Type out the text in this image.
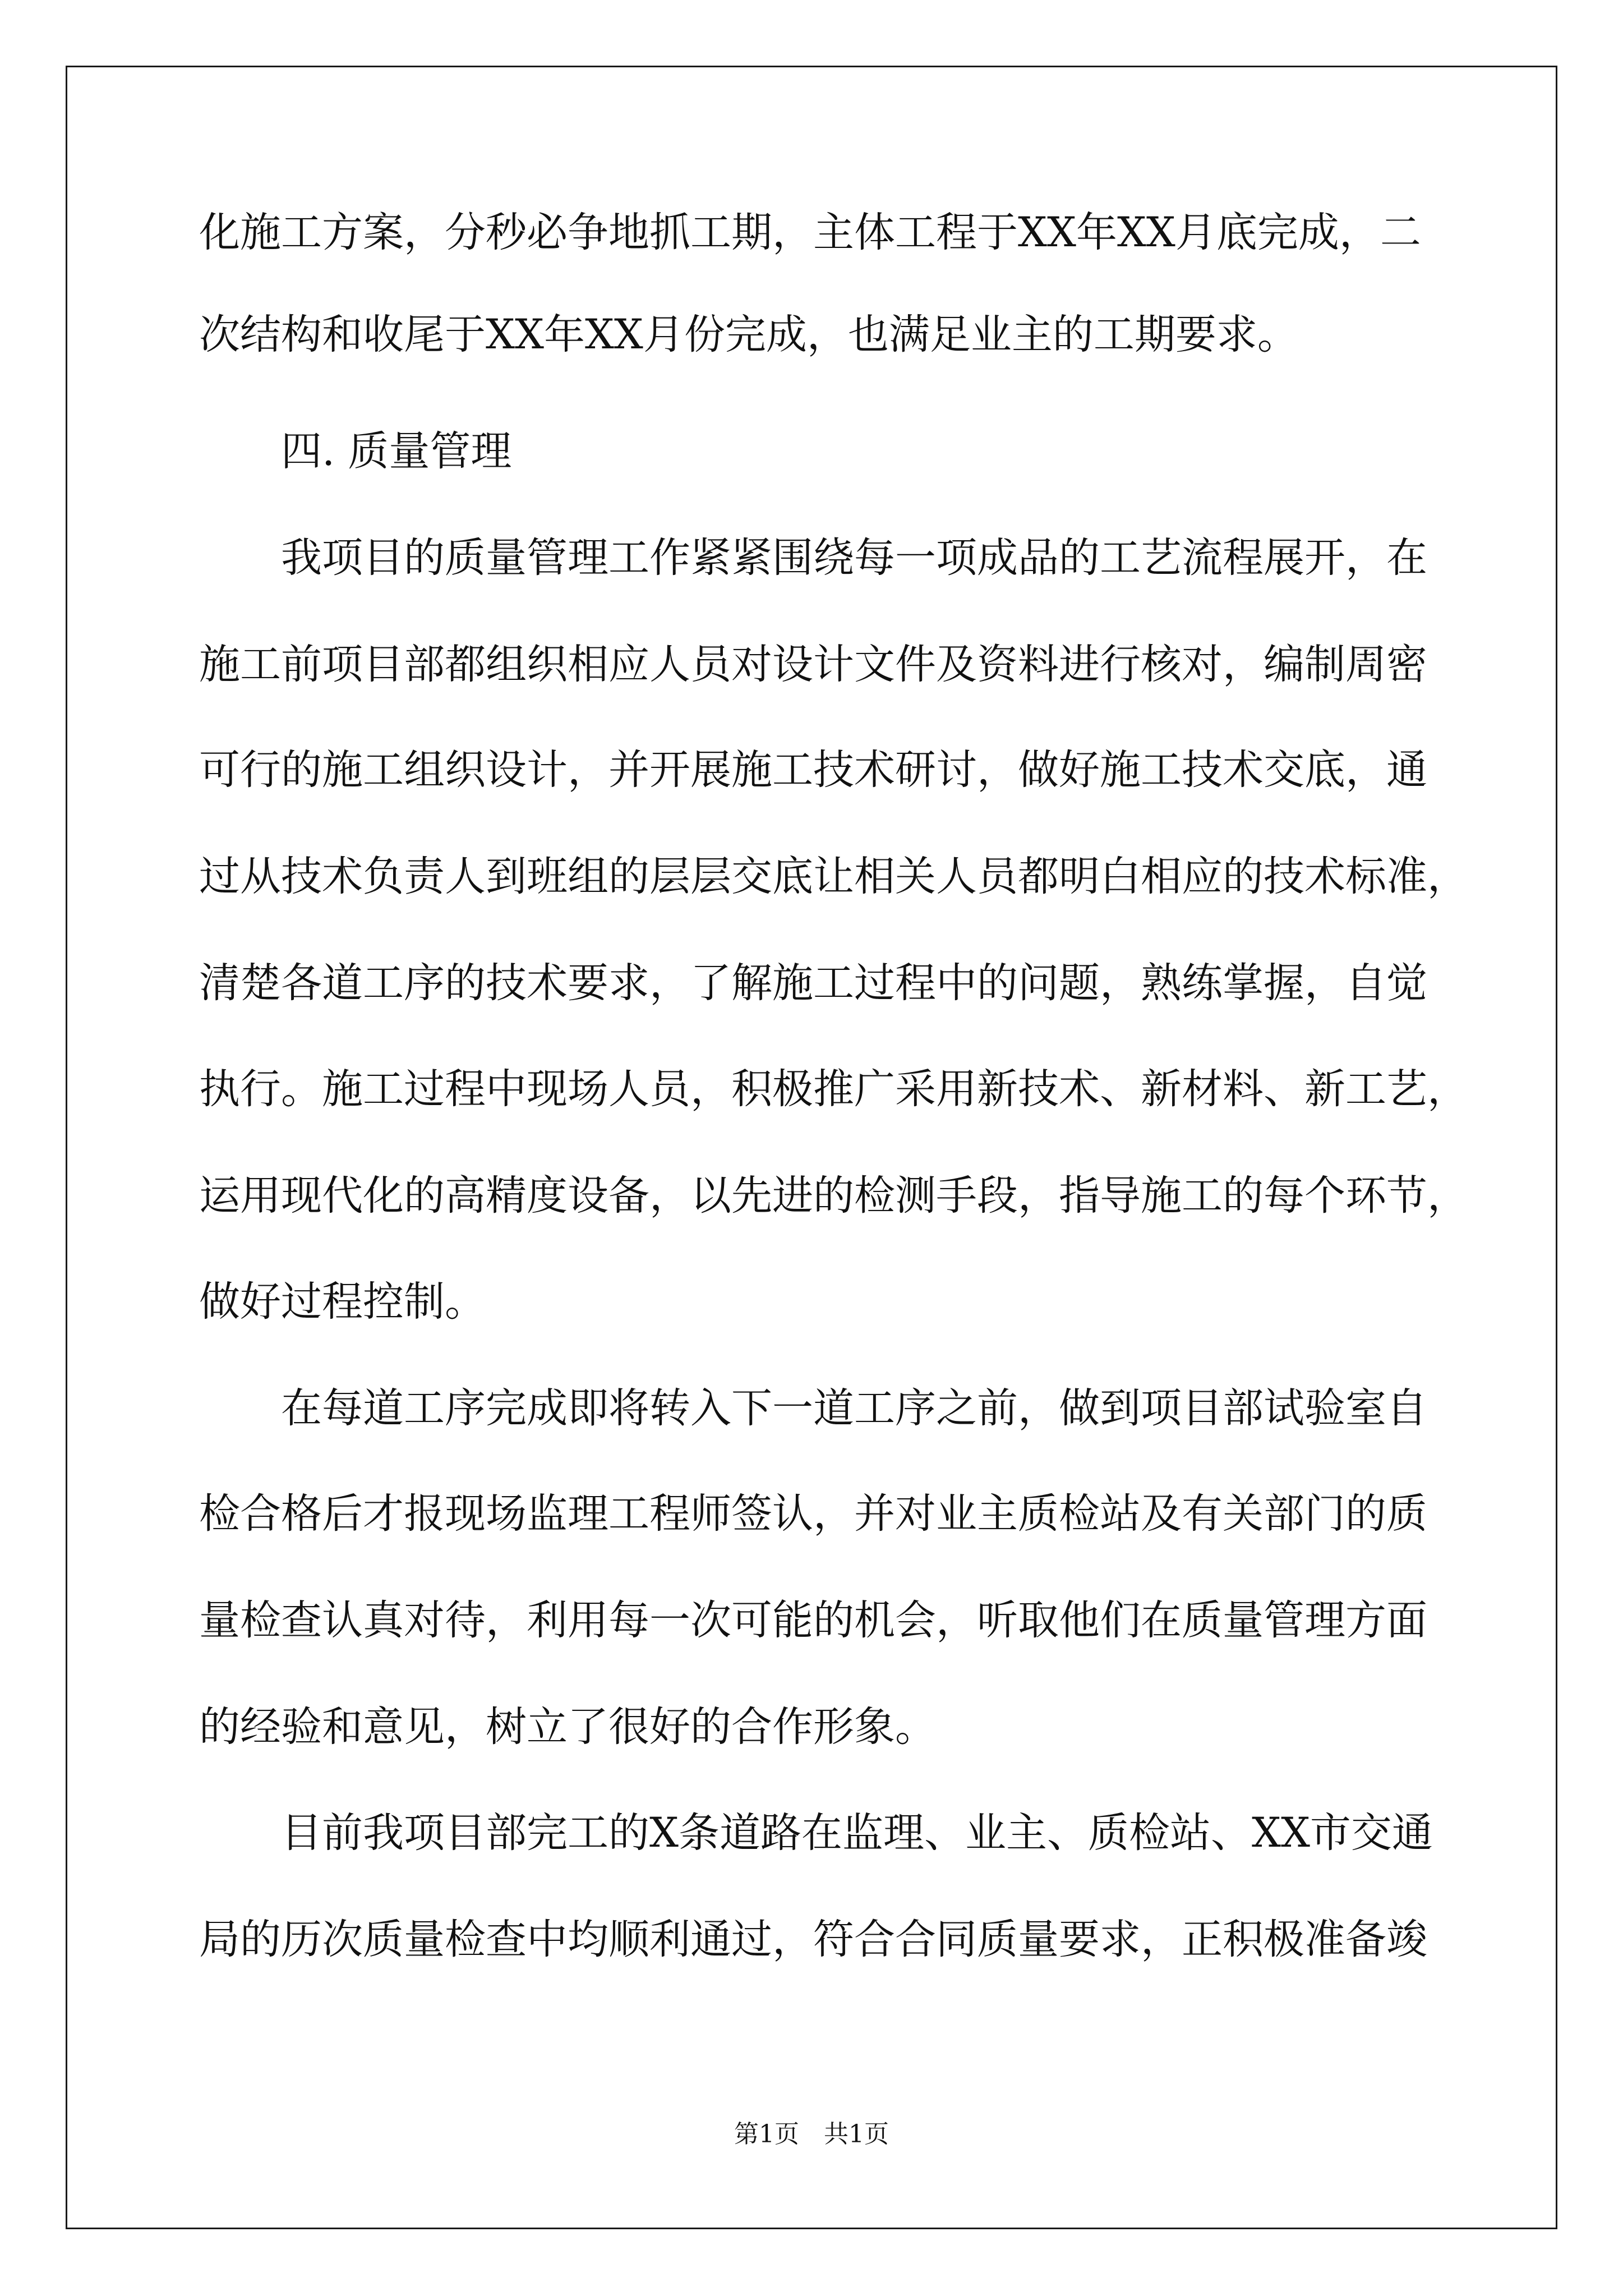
化施工方案，分秒必争地抓工期，主体工程于XX年XX月底完成，二
次结构和收尾于XX年XX月份完成，也满足业主的工期要求。
四. 质量管理
我项目的质量管理工作紧紧围绕每一项成品的工艺流程展开，在
施工前项目部都组织相应人员对设计文件及资料进行核对，编制周密
可行的施工组织设计，并开展施工技术研讨，做好施工技术交底，通
过从技术负责人到班组的层层交底让相关人员都明白相应的技术标准，
清楚各道工序的技术要求，了解施工过程中的问题，熟练掌握，自觉
执行。施工过程中现场人员，积极推广采用新技术、新材料、新工艺，
运用现代化的高精度设备，以先进的检测手段，指导施工的每个环节，
做好过程控制。
在每道工序完成即将转入下一道工序之前，做到项目部试验室自
检合格后才报现场监理工程师签认，并对业主质检站及有关部门的质
量检查认真对待，利用每一次可能的机会，听取他们在质量管理方面
的经验和意见，树立了很好的合作形象。
目前我项目部完工的X条道路在监理、业主、质检站、XX市交通
局的历次质量检查中均顺利通过，符合合同质量要求，正积极准备竣
第1页 共1页
